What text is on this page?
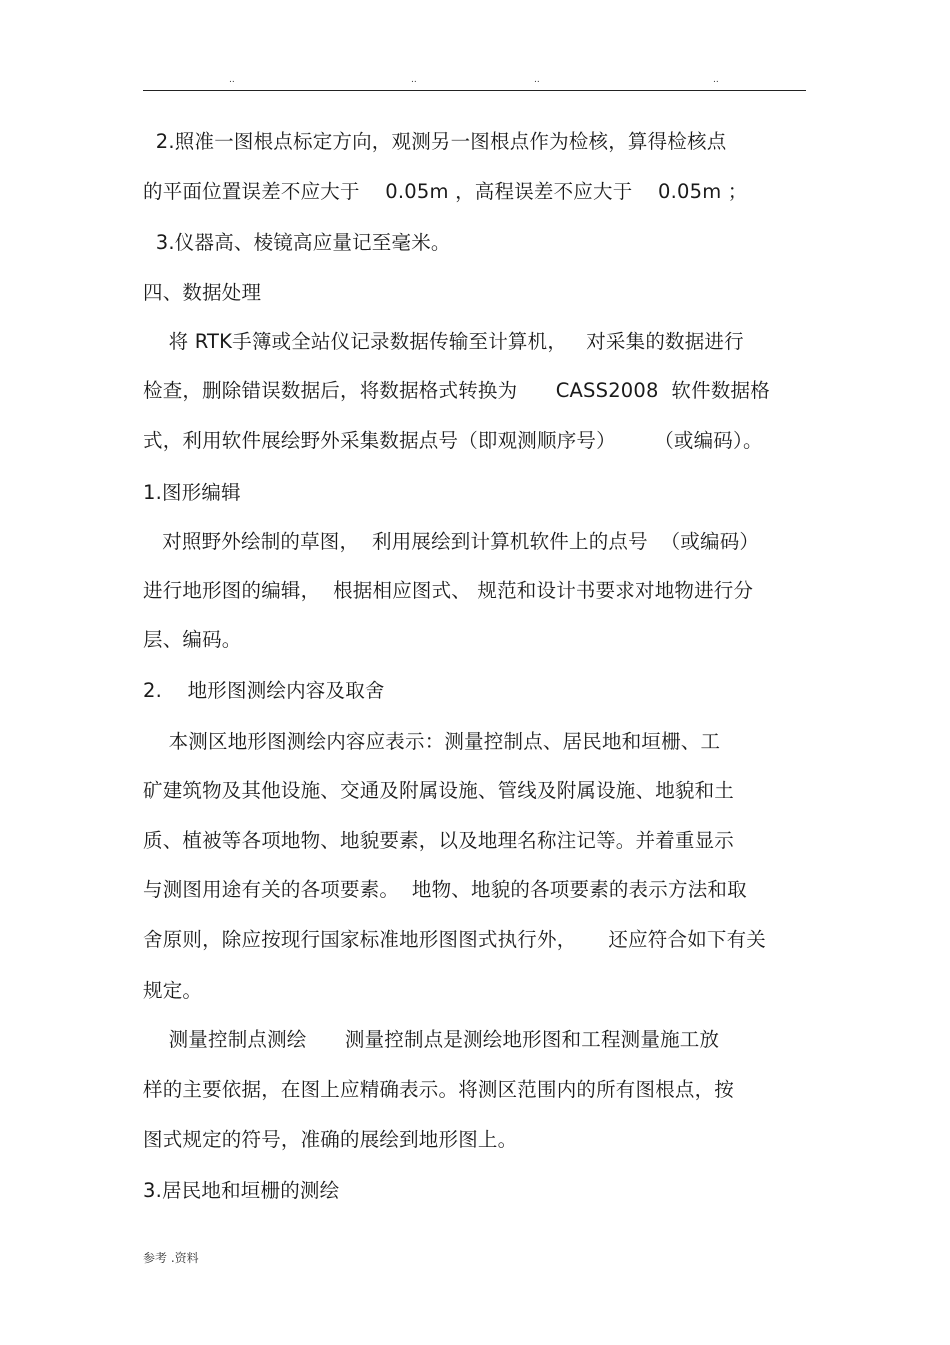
..	..	..	..
2.照准一图根点标定方向，观测另一图根点作为检核，算得检核点
的平面位置误差不应大于    0.05m ，高程误差不应大于    0.05m ；
3.仪器高、棱镜高应量记至毫米。
四、数据处理
将 RTK手簿或全站仪记录数据传输至计算机，   对采集的数据进行
检查，删除错误数据后，将数据格式转换为      CASS2008  软件数据格
式，利用软件展绘野外采集数据点号（即观测顺序号）      （或编码）。
1.图形编辑
对照野外绘制的草图，  利用展绘到计算机软件上的点号  （或编码）
进行地形图的编辑，  根据相应图式、 规范和设计书要求对地物进行分
层、编码。
2.    地形图测绘内容及取舍
本测区地形图测绘内容应表示：测量控制点、居民地和垣栅、工
矿建筑物及其他设施、交通及附属设施、管线及附属设施、地貌和土
质、植被等各项地物、地貌要素，以及地理名称注记等。并着重显示
与测图用途有关的各项要素。  地物、地貌的各项要素的表示方法和取
舍原则，除应按现行国家标准地形图图式执行外，     还应符合如下有关
规定。
测量控制点测绘      测量控制点是测绘地形图和工程测量施工放
样的主要依据，在图上应精确表示。将测区范围内的所有图根点，按
图式规定的符号，准确的展绘到地形图上。
3.居民地和垣栅的测绘
参考 .资料
